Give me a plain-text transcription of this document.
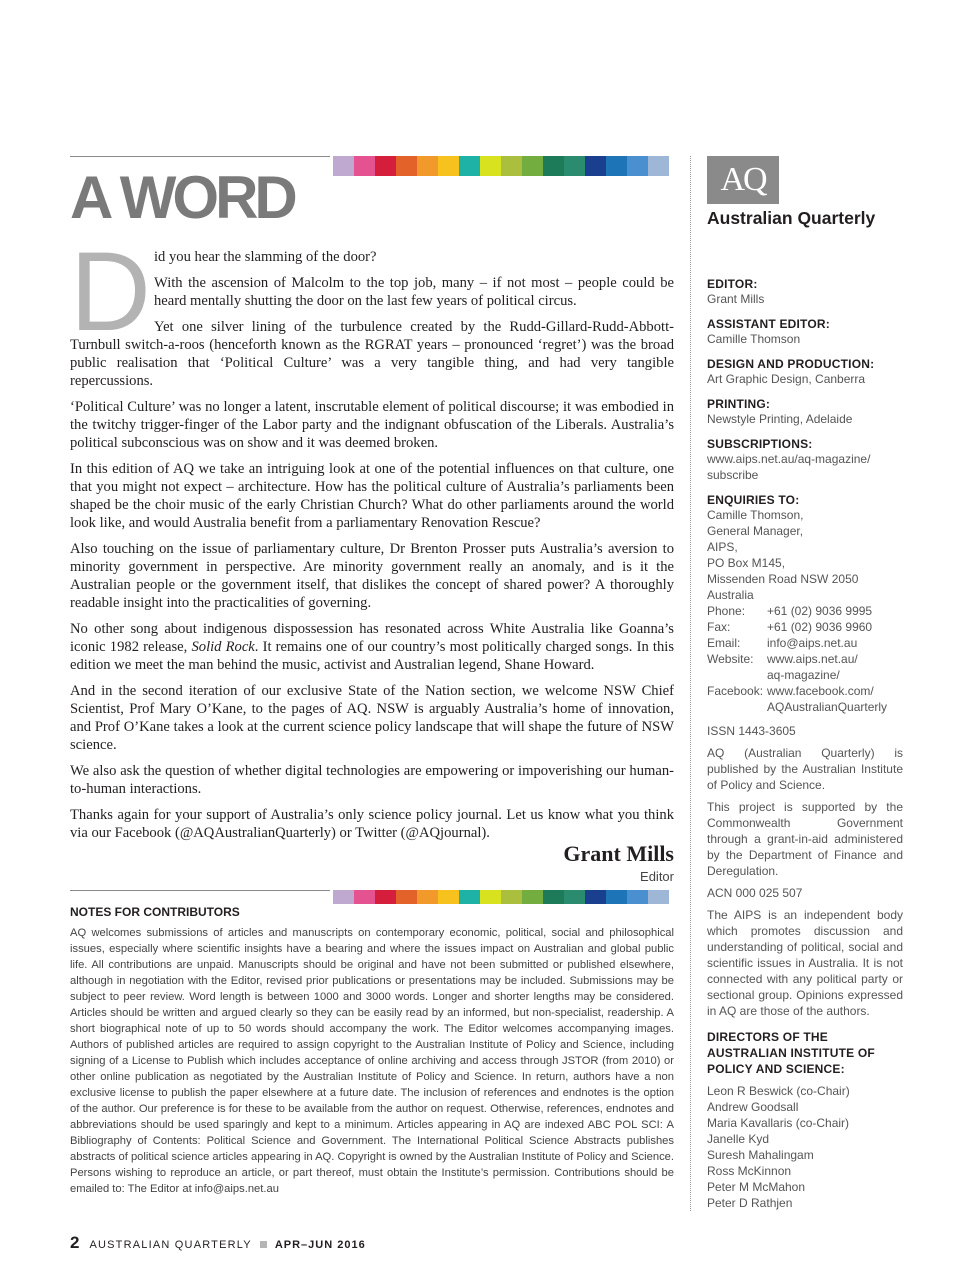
A WORD
D id you hear the slamming of the door?

With the ascension of Malcolm to the top job, many – if not most – people could be heard mentally shutting the door on the last few years of political circus.

Yet one silver lining of the turbulence created by the Rudd-Gillard-Rudd-Abbott-Turnbull switch-a-roos (henceforth known as the RGRAT years – pronounced ‘regret’) was the broad public realisation that ‘Political Culture’ was a very tangible thing, and had very tangible repercussions.

‘Political Culture’ was no longer a latent, inscrutable element of political discourse; it was embodied in the twitchy trigger-finger of the Labor party and the indignant obfuscation of the Liberals. Australia’s political subconscious was on show and it was deemed broken.

In this edition of AQ we take an intriguing look at one of the potential influences on that culture, one that you might not expect – architecture. How has the political culture of Australia’s parliaments been shaped be the choir music of the early Christian Church? What do other parliaments around the world look like, and would Australia benefit from a parliamentary Renovation Rescue?

Also touching on the issue of parliamentary culture, Dr Brenton Prosser puts Australia’s aversion to minority government in perspective. Are minority government really an anomaly, and is it the Australian people or the government itself, that dislikes the concept of shared power? A thoroughly readable insight into the practicalities of governing.

No other song about indigenous dispossession has resonated across White Australia like Goanna’s iconic 1982 release, Solid Rock. It remains one of our country’s most politically charged songs. In this edition we meet the man behind the music, activist and Australian legend, Shane Howard.

And in the second iteration of our exclusive State of the Nation section, we welcome NSW Chief Scientist, Prof Mary O’Kane, to the pages of AQ. NSW is arguably Australia’s home of innovation, and Prof O’Kane takes a look at the current science policy landscape that will shape the future of NSW science.

We also ask the question of whether digital technologies are empowering or impoverishing our human-to-human interactions.

Thanks again for your support of Australia’s only science policy journal. Let us know what you think via our Facebook (@AQAustralianQuarterly) or Twitter (@AQjournal).

Grant Mills
Editor
NOTES FOR CONTRIBUTORS
AQ welcomes submissions of articles and manuscripts on contemporary economic, political, social and philosophical issues, especially where scientific insights have a bearing and where the issues impact on Australian and global public life. All contributions are unpaid. Manuscripts should be original and have not been submitted or published elsewhere, although in negotiation with the Editor, revised prior publications or presentations may be included. Submissions may be subject to peer review. Word length is between 1000 and 3000 words. Longer and shorter lengths may be considered. Articles should be written and argued clearly so they can be easily read by an informed, but non-specialist, readership. A short biographical note of up to 50 words should accompany the work. The Editor welcomes accompanying images. Authors of published articles are required to assign copyright to the Australian Institute of Policy and Science, including signing of a License to Publish which includes acceptance of online archiving and access through JSTOR (from 2010) or other online publication as negotiated by the Australian Institute of Policy and Science. In return, authors have a non exclusive license to publish the paper elsewhere at a future date. The inclusion of references and endnotes is the option of the author. Our preference is for these to be available from the author on request. Otherwise, references, endnotes and abbreviations should be used sparingly and kept to a minimum. Articles appearing in AQ are indexed ABC POL SCI: A Bibliography of Contents: Political Science and Government. The International Political Science Abstracts publishes abstracts of political science articles appearing in AQ. Copyright is owned by the Australian Institute of Policy and Science. Persons wishing to reproduce an article, or part thereof, must obtain the Institute’s permission. Contributions should be emailed to: The Editor at info@aips.net.au
AQ
Australian Quarterly
EDITOR:
Grant Mills
ASSISTANT EDITOR:
Camille Thomson
DESIGN AND PRODUCTION:
Art Graphic Design, Canberra
PRINTING:
Newstyle Printing, Adelaide
SUBSCRIPTIONS:
www.aips.net.au/aq-magazine/
subscribe
ENQUIRIES TO:
Camille Thomson,
General Manager,
AIPS,
PO Box M145,
Missenden Road NSW 2050 Australia
Phone:	+61 (02) 9036 9995
Fax:	+61 (02) 9036 9960
Email:	info@aips.net.au
Website:	www.aips.net.au/
aq-magazine/
Facebook: www.facebook.com/
AQAustralianQuarterly
ISSN 1443-3605
AQ (Australian Quarterly) is published by the Australian Institute of Policy and Science.
This project is supported by the Commonwealth Government through a grant-in-aid administered by the Department of Finance and Deregulation.
ACN 000 025 507
The AIPS is an independent body which promotes discussion and understanding of political, social and scientific issues in Australia. It is not connected with any political party or sectional group. Opinions expressed in AQ are those of the authors.
DIRECTORS OF THE AUSTRALIAN INSTITUTE OF POLICY AND SCIENCE:
Leon R Beswick (co-Chair)
Andrew Goodsall
Maria Kavallaris (co-Chair)
Janelle Kyd
Suresh Mahalingam
Ross McKinnon
Peter M McMahon
Peter D Rathjen
2 AUSTRALIAN QUARTERLY APR–JUN 2016
